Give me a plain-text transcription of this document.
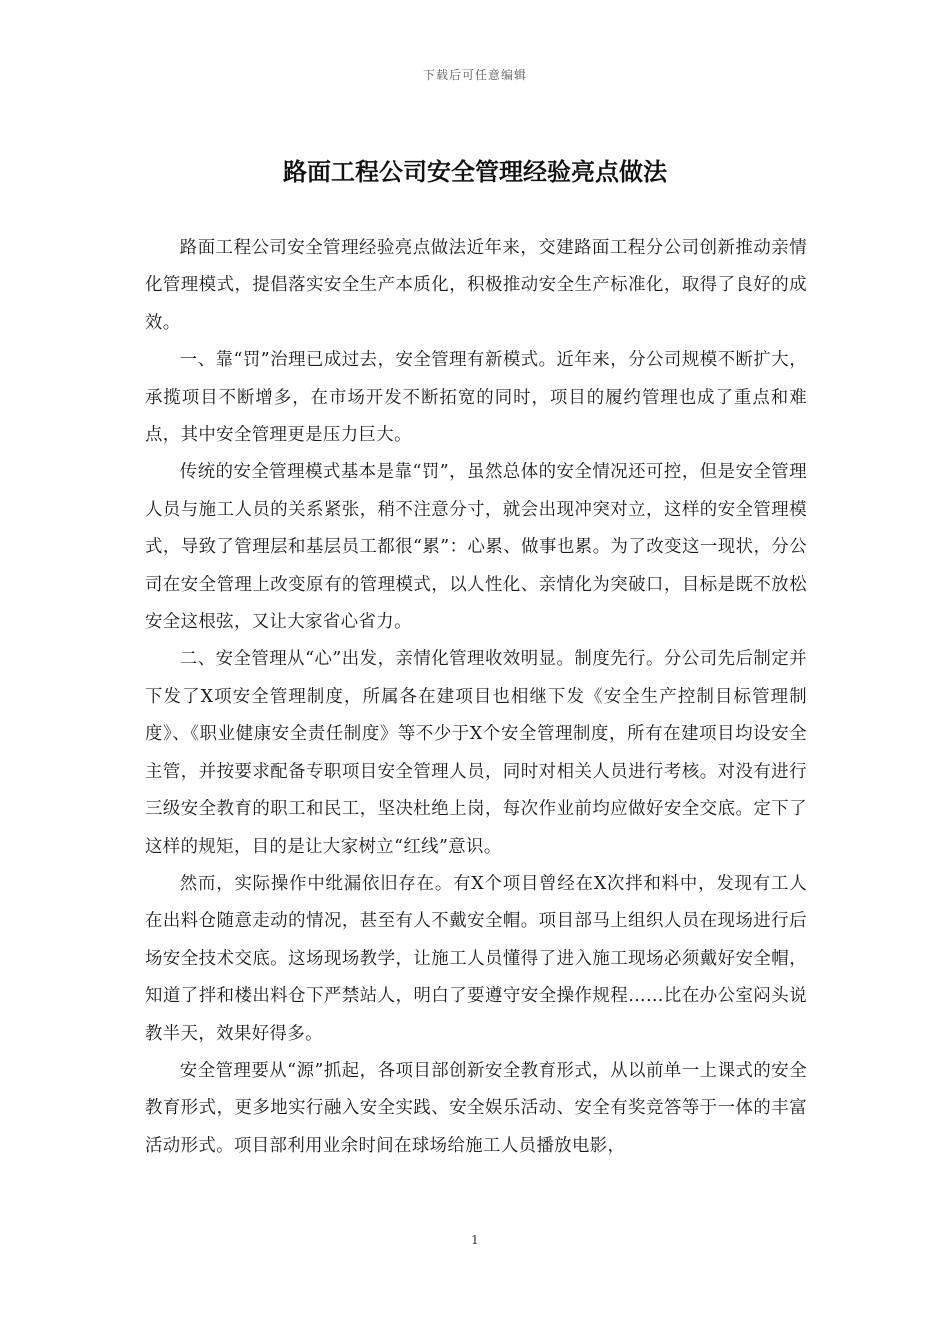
下载后可任意编辑
路面工程公司安全管理经验亮点做法

路面工程公司安全管理经验亮点做法近年来，交建路面工程分公司创新推动亲情化管理模式，提倡落实安全生产本质化，积极推动安全生产标准化，取得了良好的成效。

一、靠“罚”治理已成过去，安全管理有新模式。近年来，分公司规模不断扩大，承揽项目不断增多，在市场开发不断拓宽的同时，项目的履约管理也成了重点和难点，其中安全管理更是压力巨大。

传统的安全管理模式基本是靠“罚”，虽然总体的安全情况还可控，但是安全管理人员与施工人员的关系紧张，稍不注意分寸，就会出现冲突对立，这样的安全管理模式，导致了管理层和基层员工都很“累”：心累、做事也累。为了改变这一现状，分公司在安全管理上改变原有的管理模式，以人性化、亲情化为突破口，目标是既不放松安全这根弦，又让大家省心省力。

二、安全管理从“心”出发，亲情化管理收效明显。制度先行。分公司先后制定并下发了X项安全管理制度，所属各在建项目也相继下发《安全生产控制目标管理制度》、《职业健康安全责任制度》等不少于X个安全管理制度，所有在建项目均设安全主管，并按要求配备专职项目安全管理人员，同时对相关人员进行考核。对没有进行三级安全教育的职工和民工，坚决杜绝上岗，每次作业前均应做好安全交底。定下了这样的规矩，目的是让大家树立“红线”意识。

然而，实际操作中纰漏依旧存在。有X个项目曾经在X次拌和料中，发现有工人在出料仓随意走动的情况，甚至有人不戴安全帽。项目部马上组织人员在现场进行后场安全技术交底。这场现场教学，让施工人员懂得了进入施工现场必须戴好安全帽，知道了拌和楼出料仓下严禁站人，明白了要遵守安全操作规程……比在办公室闷头说教半天，效果好得多。

安全管理要从“源”抓起，各项目部创新安全教育形式，从以前单一上课式的安全教育形式，更多地实行融入安全实践、安全娱乐活动、安全有奖竞答等于一体的丰富活动形式。项目部利用业余时间在球场给施工人员播放电影，

1
